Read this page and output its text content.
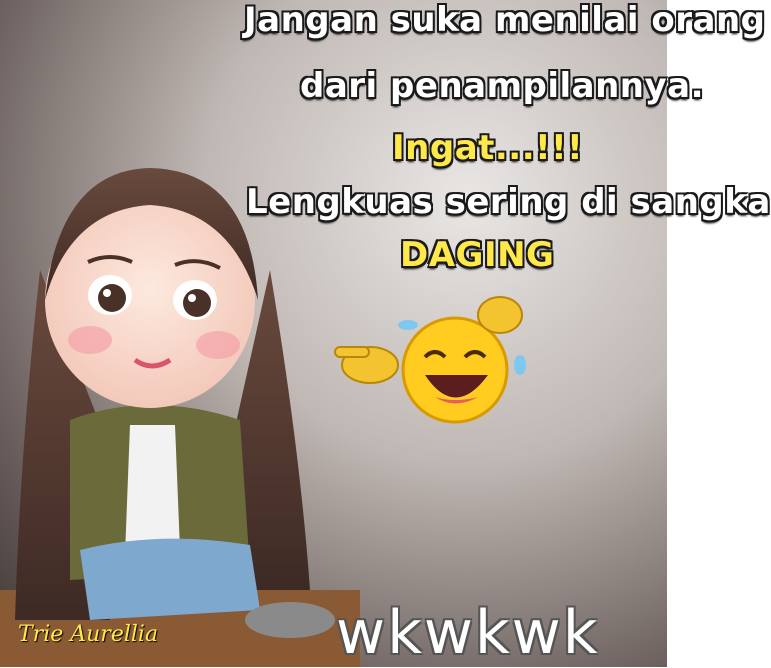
Jangan suka menilai orang
dari penampilannya.
Ingat...!!!
Lengkuas sering di sangka
DAGING
wkwkwk
Trie Aurellia
